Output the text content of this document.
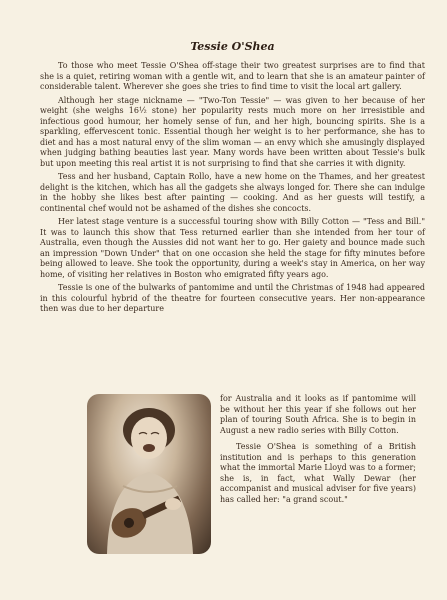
Tessie O'Shea

To those who meet Tessie O'Shea off-stage their two greatest surprises are to find that she is a quiet, retiring woman with a gentle wit, and to learn that she is an amateur painter of considerable talent. Wherever she goes she tries to find time to visit the local art gallery.

Although her stage nickname — "Two-Ton Tessie" — was given to her because of her weight (she weighs 16½ stone) her popularity rests much more on her irresistible and infectious good humour, her homely sense of fun, and her high, bouncing spirits. She is a sparkling, effervescent tonic. Essential though her weight is to her performance, she has to diet and has a most natural envy of the slim woman — an envy which she amusingly displayed when judging bathing beauties last year. Many words have been written about Tessie's bulk but upon meeting this real artist it is not surprising to find that she carries it with dignity.

Tess and her husband, Captain Rollo, have a new home on the Thames, and her greatest delight is the kitchen, which has all the gadgets she always longed for. There she can indulge in the hobby she likes best after painting — cooking. And as her guests will testify, a continental chef would not be ashamed of the dishes she concocts.

Her latest stage venture is a successful touring show with Billy Cotton — "Tess and Bill." It was to launch this show that Tess returned earlier than she intended from her tour of Australia, even though the Aussies did not want her to go. Her gaiety and bounce made such an impression "Down Under" that on one occasion she held the stage for fifty minutes before being allowed to leave. She took the opportunity, during a week's stay in America, on her way home, of visiting her relatives in Boston who emigrated fifty years ago.

Tessie is one of the bulwarks of pantomime and until the Christmas of 1948 had appeared in this colourful hybrid of the theatre for fourteen consecutive years. Her non-appearance then was due to her departure

for Australia and it looks as if pantomime will be without her this year if she follows out her plan of touring South Africa. She is to begin in August a new radio series with Billy Cotton.

Tessie O'Shea is something of a British institution and is perhaps to this generation what the immortal Marie Lloyd was to a former; she is, in fact, what Wally Dewar (her accompanist and musical adviser for five years) has called her: "a grand scout."
